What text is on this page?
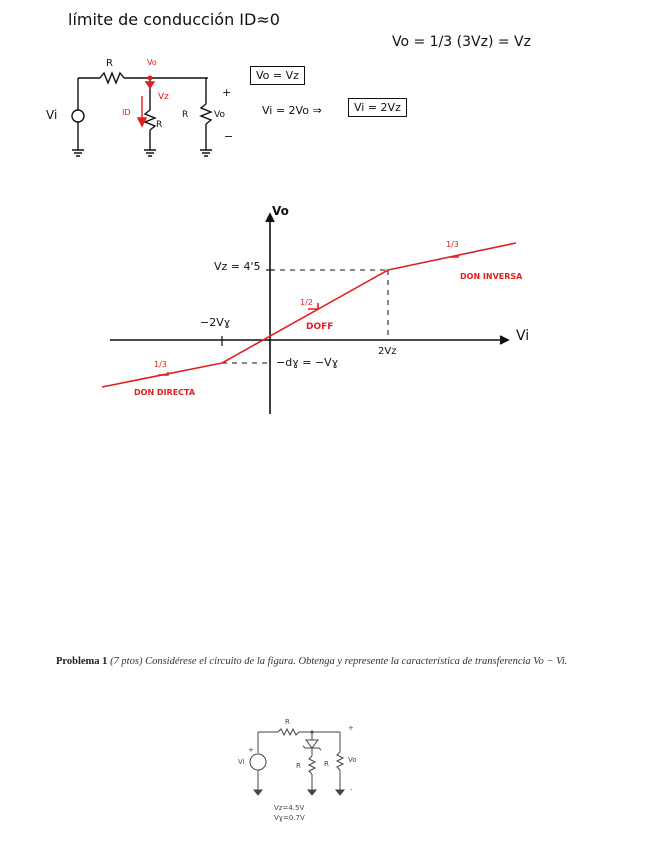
límite de conducción ID≈0
Vo = 1/3 (3Vz) = Vz
Vo = Vz
Vi = 2Vo ⇒	Vi = 2Vz
R	Vo
Vz
ID
R
R	Vo
+
−
Vi
Vo
Vi
Vz = 4'5
−2Vɣ
−dɣ = −Vɣ
2Vz
1/3
1/2
1/3
DON DIRECTA
DOFF
DON INVERSA
Problema 1 (7 ptos) Considérese el circuito de la figura. Obtenga y represente la característica de transferencia Vo − Vi.
R
Vi
+
R	R	Vo
+
-
Vz=4.5V
Vɣ=0.7V
